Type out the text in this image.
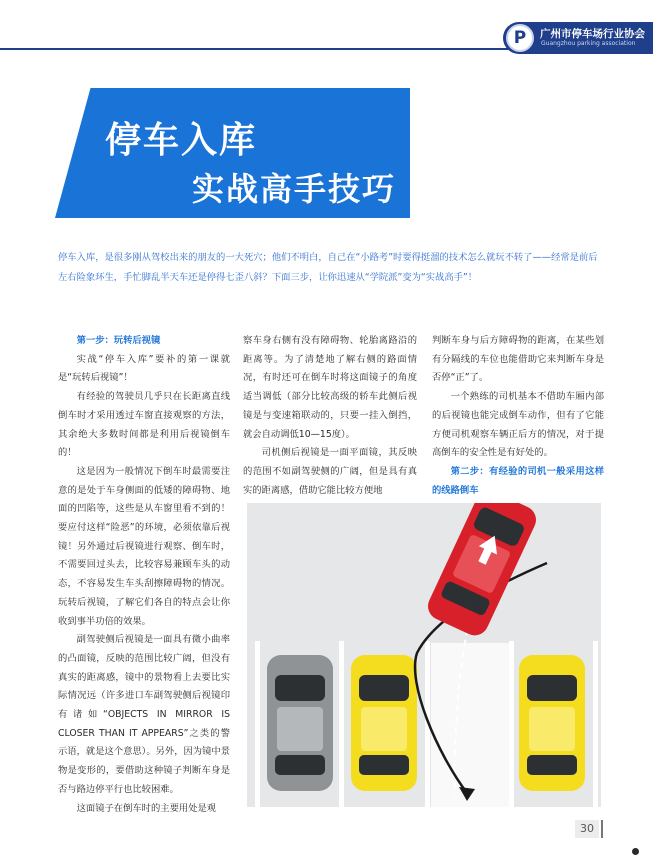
P	广州市停车场行业协会
Guangzhou parking association
停车入库
实战高手技巧

停车入库，是很多刚从驾校出来的朋友的一大死穴；他们不明白，自己在“小路考”时要得挺溜的技术怎么就玩不转了——经常是前后左右险象环生，手忙脚乱半天车还是停得七歪八斜？下面三步，让你迅速从“学院派”变为“实战高手”！

第一步：玩转后视镜

实战“停车入库”要补的第一课就是“玩转后视镜”！

有经验的驾驶员几乎只在长距离直线倒车时才采用透过车窗直接观察的方法，其余绝大多数时间都是利用后视镜倒车的！

这是因为一般情况下倒车时最需要注意的是处于车身侧面的低矮的障碍物、地面的凹陷等，这些是从车窗里看不到的！要应付这样“险恶”的环境，必须依靠后视镜！另外通过后视镜进行观察、倒车时，不需要回过头去，比较容易兼顾车头的动态，不容易发生车头刮擦障碍物的情况。玩转后视镜，了解它们各自的特点会让你收到事半功倍的效果。

副驾驶侧后视镜是一面具有微小曲率的凸面镜，反映的范围比较广阔，但没有真实的距离感，镜中的景物看上去要比实际情况远（许多进口车副驾驶侧后视镜印有诸如“OBJECTS IN MIRROR IS CLOSER THAN IT APPEARS”之类的警示语，就是这个意思）。另外，因为镜中景物是变形的，要借助这种镜子判断车身是否与路边停平行也比较困难。

这面镜子在倒车时的主要用处是观

察车身右侧有没有障碍物、轮胎离路沿的距离等。为了清楚地了解右侧的路面情况，有时还可在倒车时将这面镜子的角度适当调低（部分比较高级的轿车此侧后视镜是与变速箱联动的，只要一挂入倒挡，就会自动调低10—15度）。

司机侧后视镜是一面平面镜，其反映的范围不如副驾驶侧的广阔，但是具有真实的距离感，借助它能比较方便地

判断车身与后方障碍物的距离，在某些划有分隔线的车位也能借助它来判断车身是否停“正”了。

一个熟练的司机基本不借助车厢内部的后视镜也能完成倒车动作，但有了它能方便司机观察车辆正后方的情况，对于提高倒车的安全性是有好处的。

第二步：有经验的司机一般采用这样的线路倒车

30
